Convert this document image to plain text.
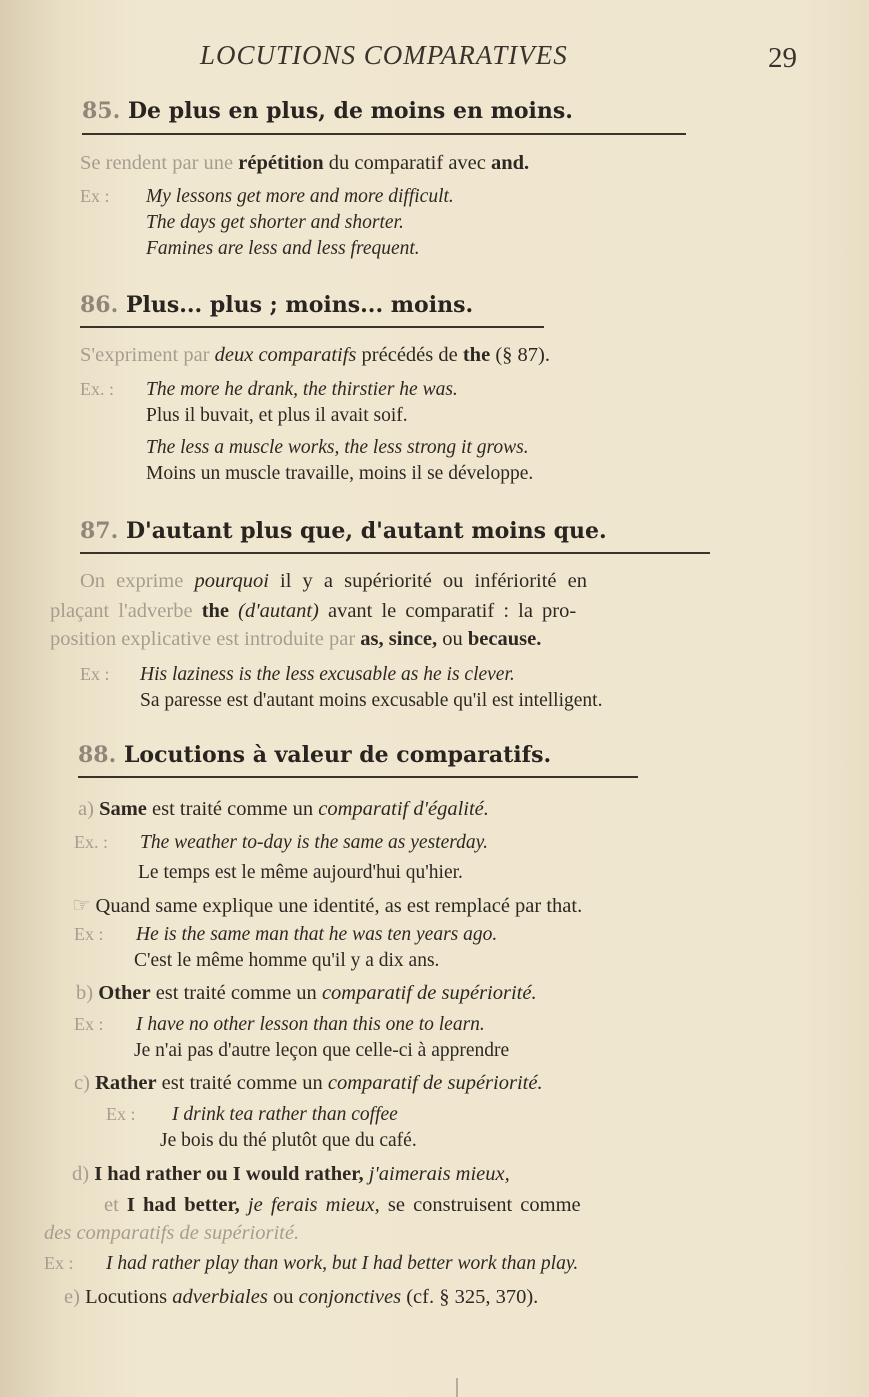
LOCUTIONS COMPARATIVES	29
85. De plus en plus, de moins en moins.
Se rendent par une répétition du comparatif avec and.
Ex : My lessons get more and more difficult.
The days get shorter and shorter.
Famines are less and less frequent.
86. Plus... plus ; moins... moins.
S'expriment par deux comparatifs précédés de the (§ 87).
Ex. : The more he drank, the thirstier he was.
Plus il buvait, et plus il avait soif.
The less a muscle works, the less strong it grows.
Moins un muscle travaille, moins il se développe.
87. D'autant plus que, d'autant moins que.
On exprime pourquoi il y a supériorité ou infériorité en
plaçant l'adverbe the (d'autant) avant le comparatif : la pro-
position explicative est introduite par as, since, ou because.
Ex : His laziness is the less excusable as he is clever.
Sa paresse est d'autant moins excusable qu'il est intelligent.
88. Locutions à valeur de comparatifs.
a) Same est traité comme un comparatif d'égalité.
Ex. : The weather to-day is the same as yesterday.
Le temps est le même aujourd'hui qu'hier.
☞ Quand same explique une identité, as est remplacé par that.
Ex : He is the same man that he was ten years ago.
C'est le même homme qu'il y a dix ans.
b) Other est traité comme un comparatif de supériorité.
Ex : I have no other lesson than this one to learn.
Je n'ai pas d'autre leçon que celle-ci à apprendre
c) Rather est traité comme un comparatif de supériorité.
Ex : I drink tea rather than coffee
Je bois du thé plutôt que du café.
d) I had rather ou I would rather, j'aimerais mieux,
et I had better, je ferais mieux, se construisent comme
des comparatifs de supériorité.
Ex : I had rather play than work, but I had better work than play.
e) Locutions adverbiales ou conjonctives (cf. § 325, 370).
